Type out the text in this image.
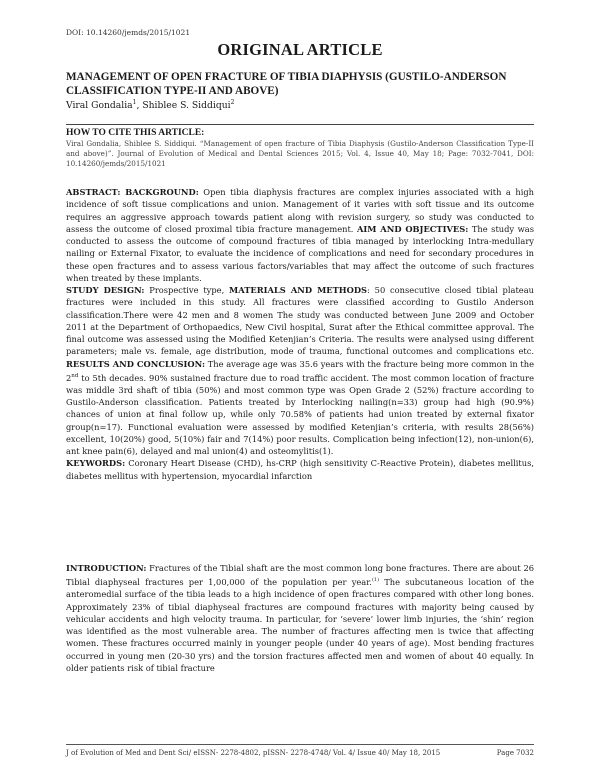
DOI: 10.14260/jemds/2015/1021
ORIGINAL ARTICLE
MANAGEMENT OF OPEN FRACTURE OF TIBIA DIAPHYSIS (GUSTILO-ANDERSON CLASSIFICATION TYPE-II AND ABOVE)
Viral Gondalia$^1$, Shiblee S. Siddiqui$^2$
HOW TO CITE THIS ARTICLE:
Viral Gondalia, Shiblee S. Siddiqui. “Management of open fracture of Tibia Diaphysis (Gustilo-Anderson Classification Type-II and above)”. Journal of Evolution of Medical and Dental Sciences 2015; Vol. 4, Issue 40, May 18; Page: 7032-7041, DOI: 10.14260/jemds/2015/1021

ABSTRACT: BACKGROUND: Open tibia diaphysis fractures are complex injuries associated with a high incidence of soft tissue complications and union. Management of it varies with soft tissue and its outcome requires an aggressive approach towards patient along with revision surgery, so study was conducted to assess the outcome of closed proximal tibia fracture management. AIM AND OBJECTIVES: The study was conducted to assess the outcome of compound fractures of tibia managed by interlocking Intra-medullary nailing or External Fixator, to evaluate the incidence of complications and need for secondary procedures in these open fractures and to assess various factors/variables that may affect the outcome of such fractures when treated by these implants.
STUDY DESIGN: Prospective type, MATERIALS AND METHODS: 50 consecutive closed tibial plateau fractures were included in this study. All fractures were classified according to Gustilo Anderson classification.There were 42 men and 8 women The study was conducted between June 2009 and October 2011 at the Department of Orthopaedics, New Civil hospital, Surat after the Ethical committee approval. The final outcome was assessed using the Modified Ketenjian’s Criteria. The results were analysed using different parameters; male vs. female, age distribution, mode of trauma, functional outcomes and complications etc. RESULTS AND CONCLUSION: The average age was 35.6 years with the fracture being more common in the 2nd to 5th decades. 90% sustained fracture due to road traffic accident. The most common location of fracture was middle 3rd shaft of tibia (50%) and most common type was Open Grade 2 (52%) fracture according to Gustilo-Anderson classification. Patients treated by Interlocking nailing(n=33) group had high (90.9%) chances of union at final follow up, while only 70.58% of patients had union treated by external fixator group(n=17). Functional evaluation were assessed by modified Ketenjian’s criteria, with results 28(56%) excellent, 10(20%) good, 5(10%) fair and 7(14%) poor results. Complication being infection(12), non-union(6), ant knee pain(6), delayed and mal union(4) and osteomylitis(1).
KEYWORDS: Coronary Heart Disease (CHD), hs-CRP (high sensitivity C-Reactive Protein), diabetes mellitus, diabetes mellitus with hypertension, myocardial infarction

INTRODUCTION: Fractures of the Tibial shaft are the most common long bone fractures. There are about 26 Tibial diaphyseal fractures per 1,00,000 of the population per year.$^{(1)}$ The subcutaneous location of the anteromedial surface of the tibia leads to a high incidence of open fractures compared with other long bones. Approximately 23% of tibial diaphyseal fractures are compound fractures with majority being caused by vehicular accidents and high velocity trauma. In particular, for ‘severe’ lower limb injuries, the ‘shin’ region was identified as the most vulnerable area. The number of fractures affecting men is twice that affecting women. These fractures occurred mainly in younger people (under 40 years of age). Most bending fractures occurred in young men (20-30 yrs) and the torsion fractures affected men and women of about 40 equally. In older patients risk of tibial fracture

J of Evolution of Med and Dent Sci/ eISSN- 2278-4802, pISSN- 2278-4748/ Vol. 4/ Issue 40/ May 18, 2015	Page 7032
